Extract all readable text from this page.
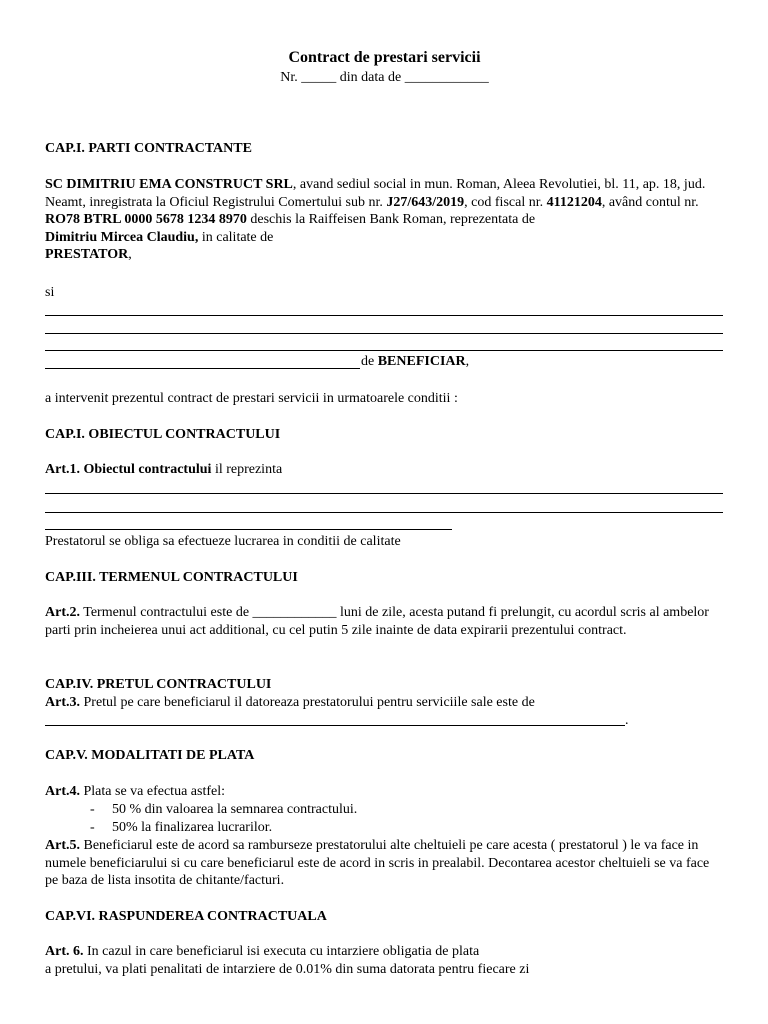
Contract de prestari servicii
Nr. _____ din data de ____________
CAP.I. PARTI CONTRACTANTE
SC DIMITRIU EMA CONSTRUCT SRL, avand sediul social in mun. Roman, Aleea Revolutiei, bl. 11, ap. 18, jud. Neamt, inregistrata la Oficiul Registrului Comertului sub nr. J27/643/2019, cod fiscal nr. 41121204, având contul nr. RO78 BTRL 0000 5678 1234 8970 deschis la Raiffeisen Bank Roman, reprezentata de
Dimitriu Mircea Claudiu, in calitate de
PRESTATOR,
si
de BENEFICIAR,
a intervenit prezentul contract de prestari servicii in urmatoarele conditii :
CAP.I. OBIECTUL CONTRACTULUI
Art.1. Obiectul contractului il reprezinta
Prestatorul se obliga sa efectueze lucrarea in conditii de calitate
CAP.III. TERMENUL CONTRACTULUI
Art.2. Termenul contractului este de ____________ luni de zile, acesta putand fi prelungit, cu acordul scris al ambelor parti prin incheierea unui act additional, cu cel putin 5 zile inainte de data expirarii prezentului contract.
CAP.IV. PRETUL CONTRACTULUI
Art.3. Pretul pe care beneficiarul il datoreaza prestatorului pentru serviciile sale este de
.
CAP.V. MODALITATI DE PLATA
Art.4. Plata se va efectua astfel:
- 50 % din valoarea la semnarea contractului.
- 50% la finalizarea lucrarilor.
Art.5. Beneficiarul este de acord sa ramburseze prestatorului alte cheltuieli pe care acesta ( prestatorul ) le va face in numele beneficiarului si cu care beneficiarul este de acord in scris in prealabil. Decontarea acestor cheltuieli se va face pe baza de lista insotita de chitante/facturi.
CAP.VI. RASPUNDEREA CONTRACTUALA
Art. 6. In cazul in care beneficiarul isi executa cu intarziere obligatia de plata
a pretului, va plati penalitati de intarziere de 0.01% din suma datorata pentru fiecare zi
